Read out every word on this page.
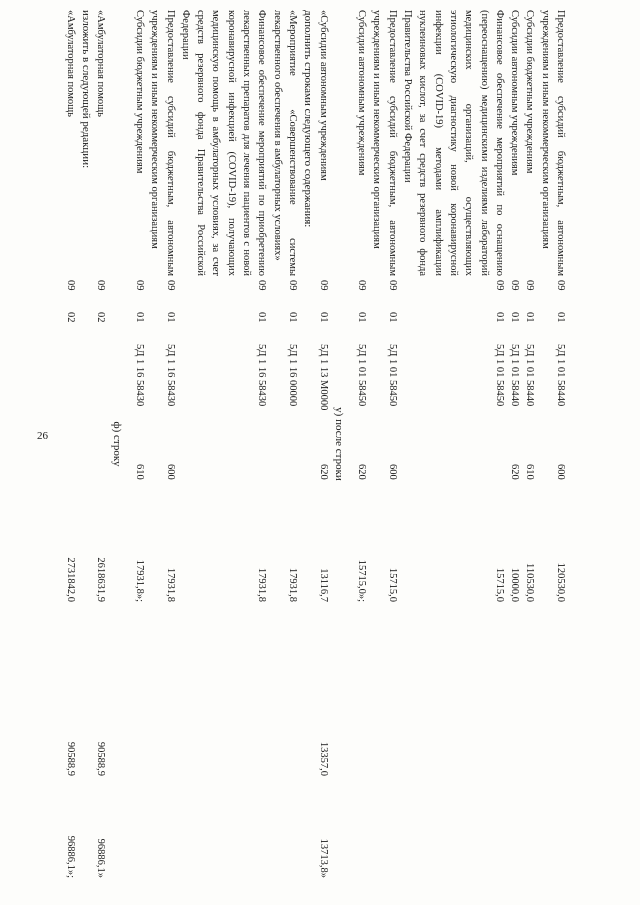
26
Предоставление субсидий бюджетным, автономным учреждениям и иным некоммерческим организациям	09	01	5Д 1 01 58440	600	120530,0			
Субсидии бюджетным учреждениям	09	01	5Д 1 01 58440	610	110530,0			
Субсидии автономным учреждениям	09	01	5Д 1 01 58440	620	10000,0			
Финансовое обеспечение мероприятий по оснащению (переоснащению) медицинскими изделиями лабораторий медицинских организаций, осуществляющих этиологическую диагностику новой коронавирусной инфекции (COVID-19) методами амплификации нуклеиновых кислот, за счет средств резервного фонда Правительства Российской Федерации	09	01	5Д 1 01 58450		15715,0			
Предоставление субсидий бюджетным, автономным учреждениям и иным некоммерческим организациям	09	01	5Д 1 01 58450	600	15715,0			
Субсидии автономным учреждениям	09	01	5Д 1 01 58450	620	15715,0»;			

у) после строки								
«Субсидии автономным учреждениям	09	01	5Д 1 13 М0000	620	13116,7		13357,0	13713,8»
дополнить строками следующего содержания:								
«Мероприятие «Совершенствование системы лекарственного обеспечения в амбулаторных условиях»	09	01	5Д 1 16 00000		17931,8			
Финансовое обеспечение мероприятий по приобретению лекарственных препаратов для лечения пациентов с новой коронавирусной инфекцией (COVID-19), получающих медицинскую помощь в амбулаторных условиях, за счет средств резервного фонда Правительства Российской Федерации	09	01	5Д 1 16 58430		17931,8			
Предоставление субсидий бюджетным, автономным учреждениям и иным некоммерческим организациям	09	01	5Д 1 16 58430	600	17931,8			
Субсидии бюджетным учреждениям	09	01	5Д 1 16 58430	610	17931,8»;			

ф) строку								
«Амбулаторная помощь	09	02			2618631,9		90588,9	96886,1»
изложить в следующей редакции:								
«Амбулаторная помощь	09	02			2731842,0		90588,9	96886,1»;
